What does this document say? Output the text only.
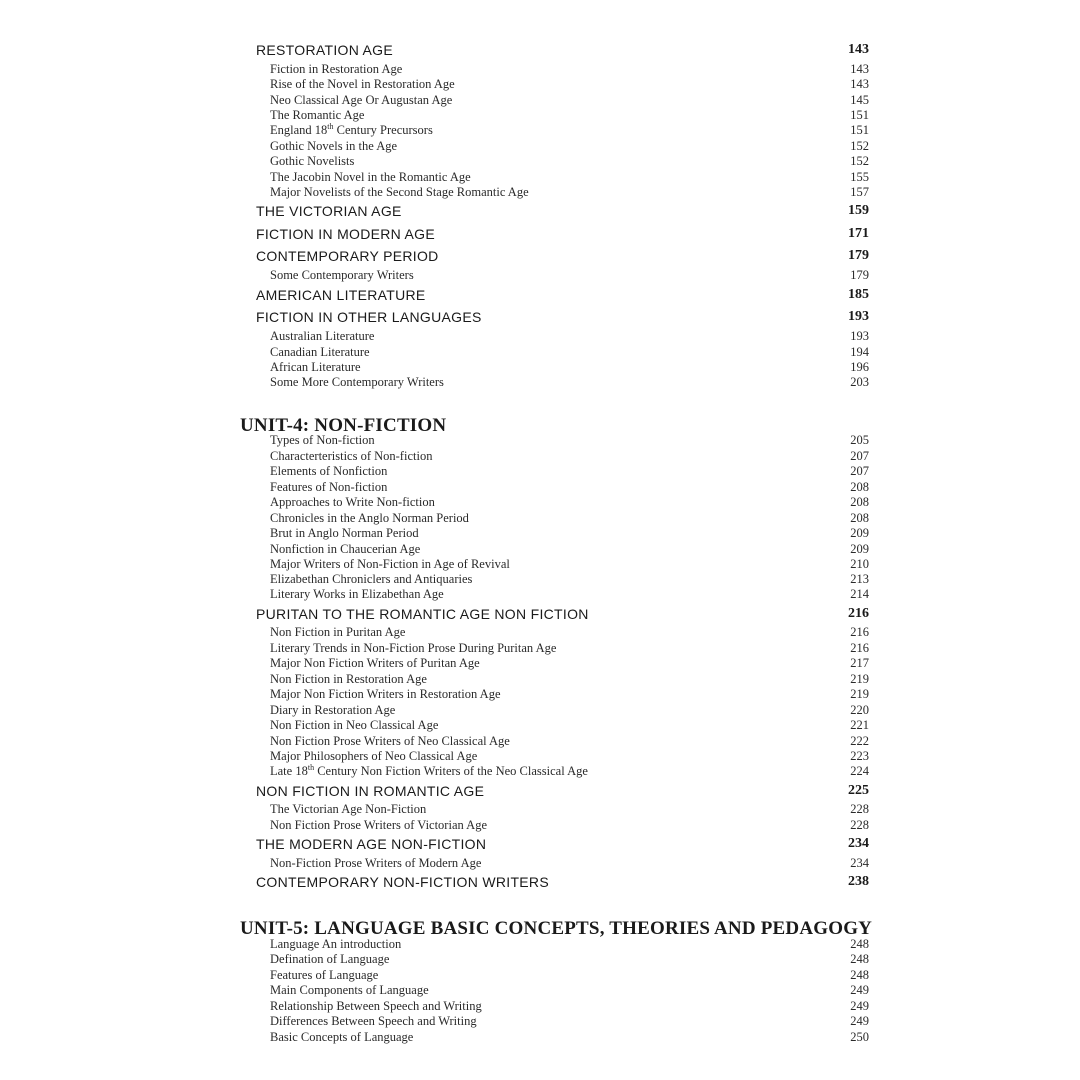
RESTORATION AGE	143
Fiction in Restoration Age	143
Rise of the Novel in Restoration Age	143
Neo Classical Age Or Augustan Age	145
The Romantic Age	151
England 18th Century Precursors	151
Gothic Novels in the Age	152
Gothic Novelists	152
The Jacobin Novel in the Romantic Age	155
Major Novelists of the Second Stage Romantic Age	157
THE VICTORIAN AGE	159
FICTION IN MODERN AGE	171
CONTEMPORARY PERIOD	179
Some Contemporary Writers	179
AMERICAN LITERATURE	185
FICTION IN OTHER LANGUAGES	193
Australian Literature	193
Canadian Literature	194
African Literature	196
Some More Contemporary Writers	203
UNIT-4: NON-FICTION
Types of Non-fiction	205
Characterteristics of Non-fiction	207
Elements of Nonfiction	207
Features of Non-fiction	208
Approaches to Write Non-fiction	208
Chronicles in the Anglo Norman Period	208
Brut in Anglo Norman Period	209
Nonfiction in Chaucerian Age	209
Major Writers of Non-Fiction in Age of Revival	210
Elizabethan Chroniclers and Antiquaries	213
Literary Works in Elizabethan Age	214
PURITAN TO THE ROMANTIC AGE NON FICTION	216
Non Fiction in Puritan Age	216
Literary Trends in Non-Fiction Prose During Puritan Age	216
Major Non Fiction Writers of Puritan Age	217
Non Fiction in Restoration Age	219
Major Non Fiction Writers in Restoration Age	219
Diary in Restoration Age	220
Non Fiction in Neo Classical Age	221
Non Fiction Prose Writers of Neo Classical Age	222
Major Philosophers of Neo Classical Age	223
Late 18th Century Non Fiction Writers of the Neo Classical Age	224
NON FICTION IN ROMANTIC AGE	225
The Victorian Age Non-Fiction	228
Non Fiction Prose Writers of Victorian Age	228
THE MODERN AGE NON-FICTION	234
Non-Fiction Prose Writers of Modern Age	234
CONTEMPORARY NON-FICTION WRITERS	238
UNIT-5: LANGUAGE BASIC CONCEPTS, THEORIES AND PEDAGOGY
Language An introduction	248
Defination of Language	248
Features of Language	248
Main Components of Language	249
Relationship Between Speech and Writing	249
Differences Between Speech and Writing	249
Basic Concepts of Language	250
